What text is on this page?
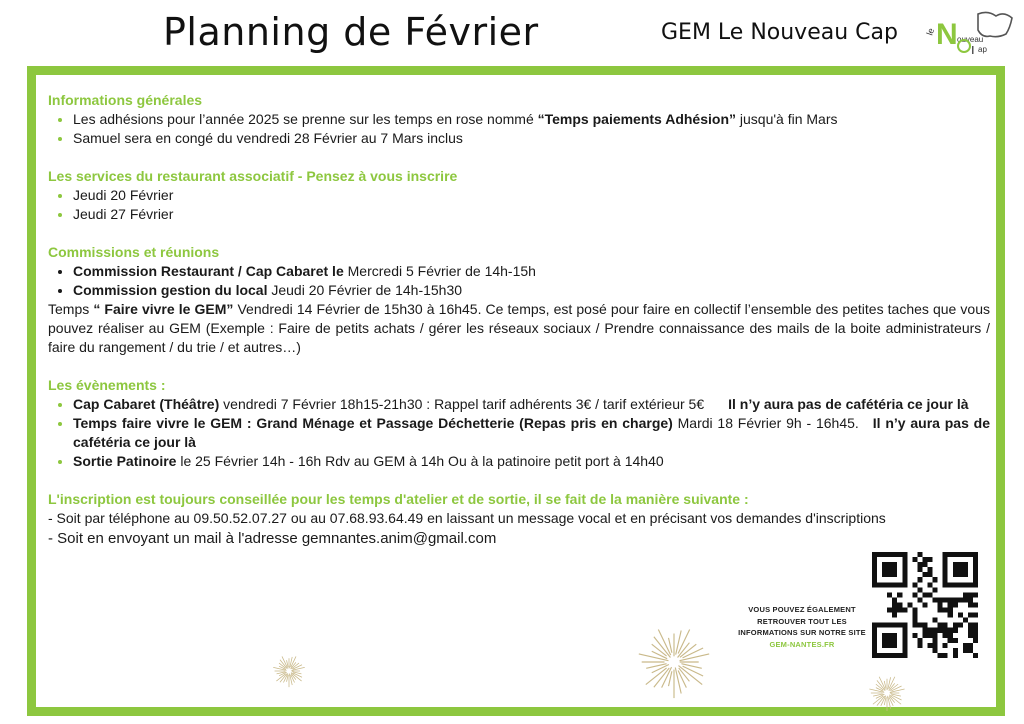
Planning de Février	GEM Le Nouveau Cap	le N ouveau
ap

Informations générales

• Les adhésions pour l’année 2025 se prenne sur les temps en rose nommé “Temps paiements Adhésion” jusqu'à fin Mars
• Samuel sera en congé du vendredi 28 Février au 7 Mars inclus

Les services du restaurant associatif - Pensez à vous inscrire

• Jeudi 20 Février
• Jeudi 27 Février

Commissions et réunions

• Commission Restaurant / Cap Cabaret le Mercredi 5 Février de 14h-15h
• Commission gestion du local Jeudi 20 Février de 14h-15h30

Temps “ Faire vivre le GEM” Vendredi 14 Février de 15h30 à 16h45. Ce temps, est posé pour faire en collectif l’ensemble des petites taches que vous pouvez réaliser au GEM (Exemple : Faire de petits achats / gérer les réseaux sociaux / Prendre connaissance des mails de la boite administrateurs / faire du rangement / du trie / et autres…)

Les évènements :

• Cap Cabaret (Théâtre) vendredi 7 Février 18h15-21h30 : Rappel tarif adhérents 3€ / tarif extérieur 5€ Il n’y aura pas de cafétéria ce jour là
• Temps faire vivre le GEM : Grand Ménage et Passage Déchetterie (Repas pris en charge) Mardi 18 Février 9h - 16h45. Il n’y aura pas de cafétéria ce jour là
• Sortie Patinoire le 25 Février 14h - 16h Rdv au GEM à 14h Ou à la patinoire petit port à 14h40

L'inscription est toujours conseillée pour les temps d'atelier et de sortie, il se fait de la manière suivante :

- Soit par téléphone au 09.50.52.07.27 ou au 07.68.93.64.49 en laissant un message vocal et en précisant vos demandes d'inscriptions

- Soit en envoyant un mail à l'adresse gemnantes.anim@gmail.com

VOUS POUVEZ ÉGALEMENT
RETROUVER TOUT LES
INFORMATIONS SUR NOTRE SITE
GEM-NANTES.FR
